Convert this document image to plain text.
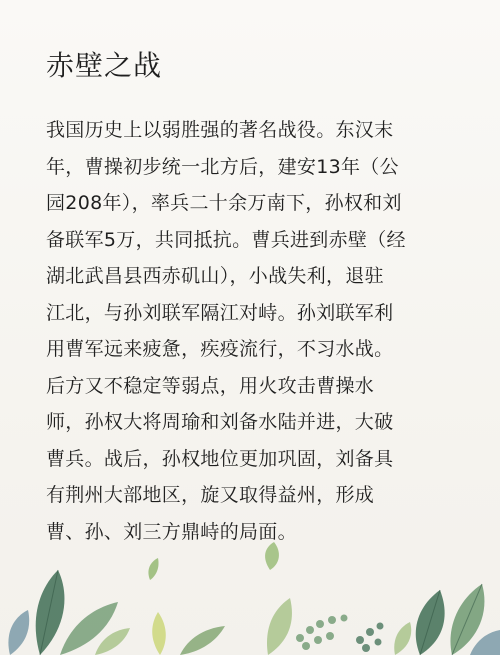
赤壁之战
我国历史上以弱胜强的著名战役。东汉末
年，曹操初步统一北方后，建安13年（公
园208年），率兵二十余万南下，孙权和刘
备联军5万，共同抵抗。曹兵进到赤壁（经
湖北武昌县西赤矶山），小战失利，退驻
江北，与孙刘联军隔江对峙。孙刘联军利
用曹军远来疲惫，疾疫流行，不习水战。
后方又不稳定等弱点，用火攻击曹操水
师，孙权大将周瑜和刘备水陆并进，大破
曹兵。战后，孙权地位更加巩固，刘备具
有荆州大部地区，旋又取得益州，形成
曹、孙、刘三方鼎峙的局面。
